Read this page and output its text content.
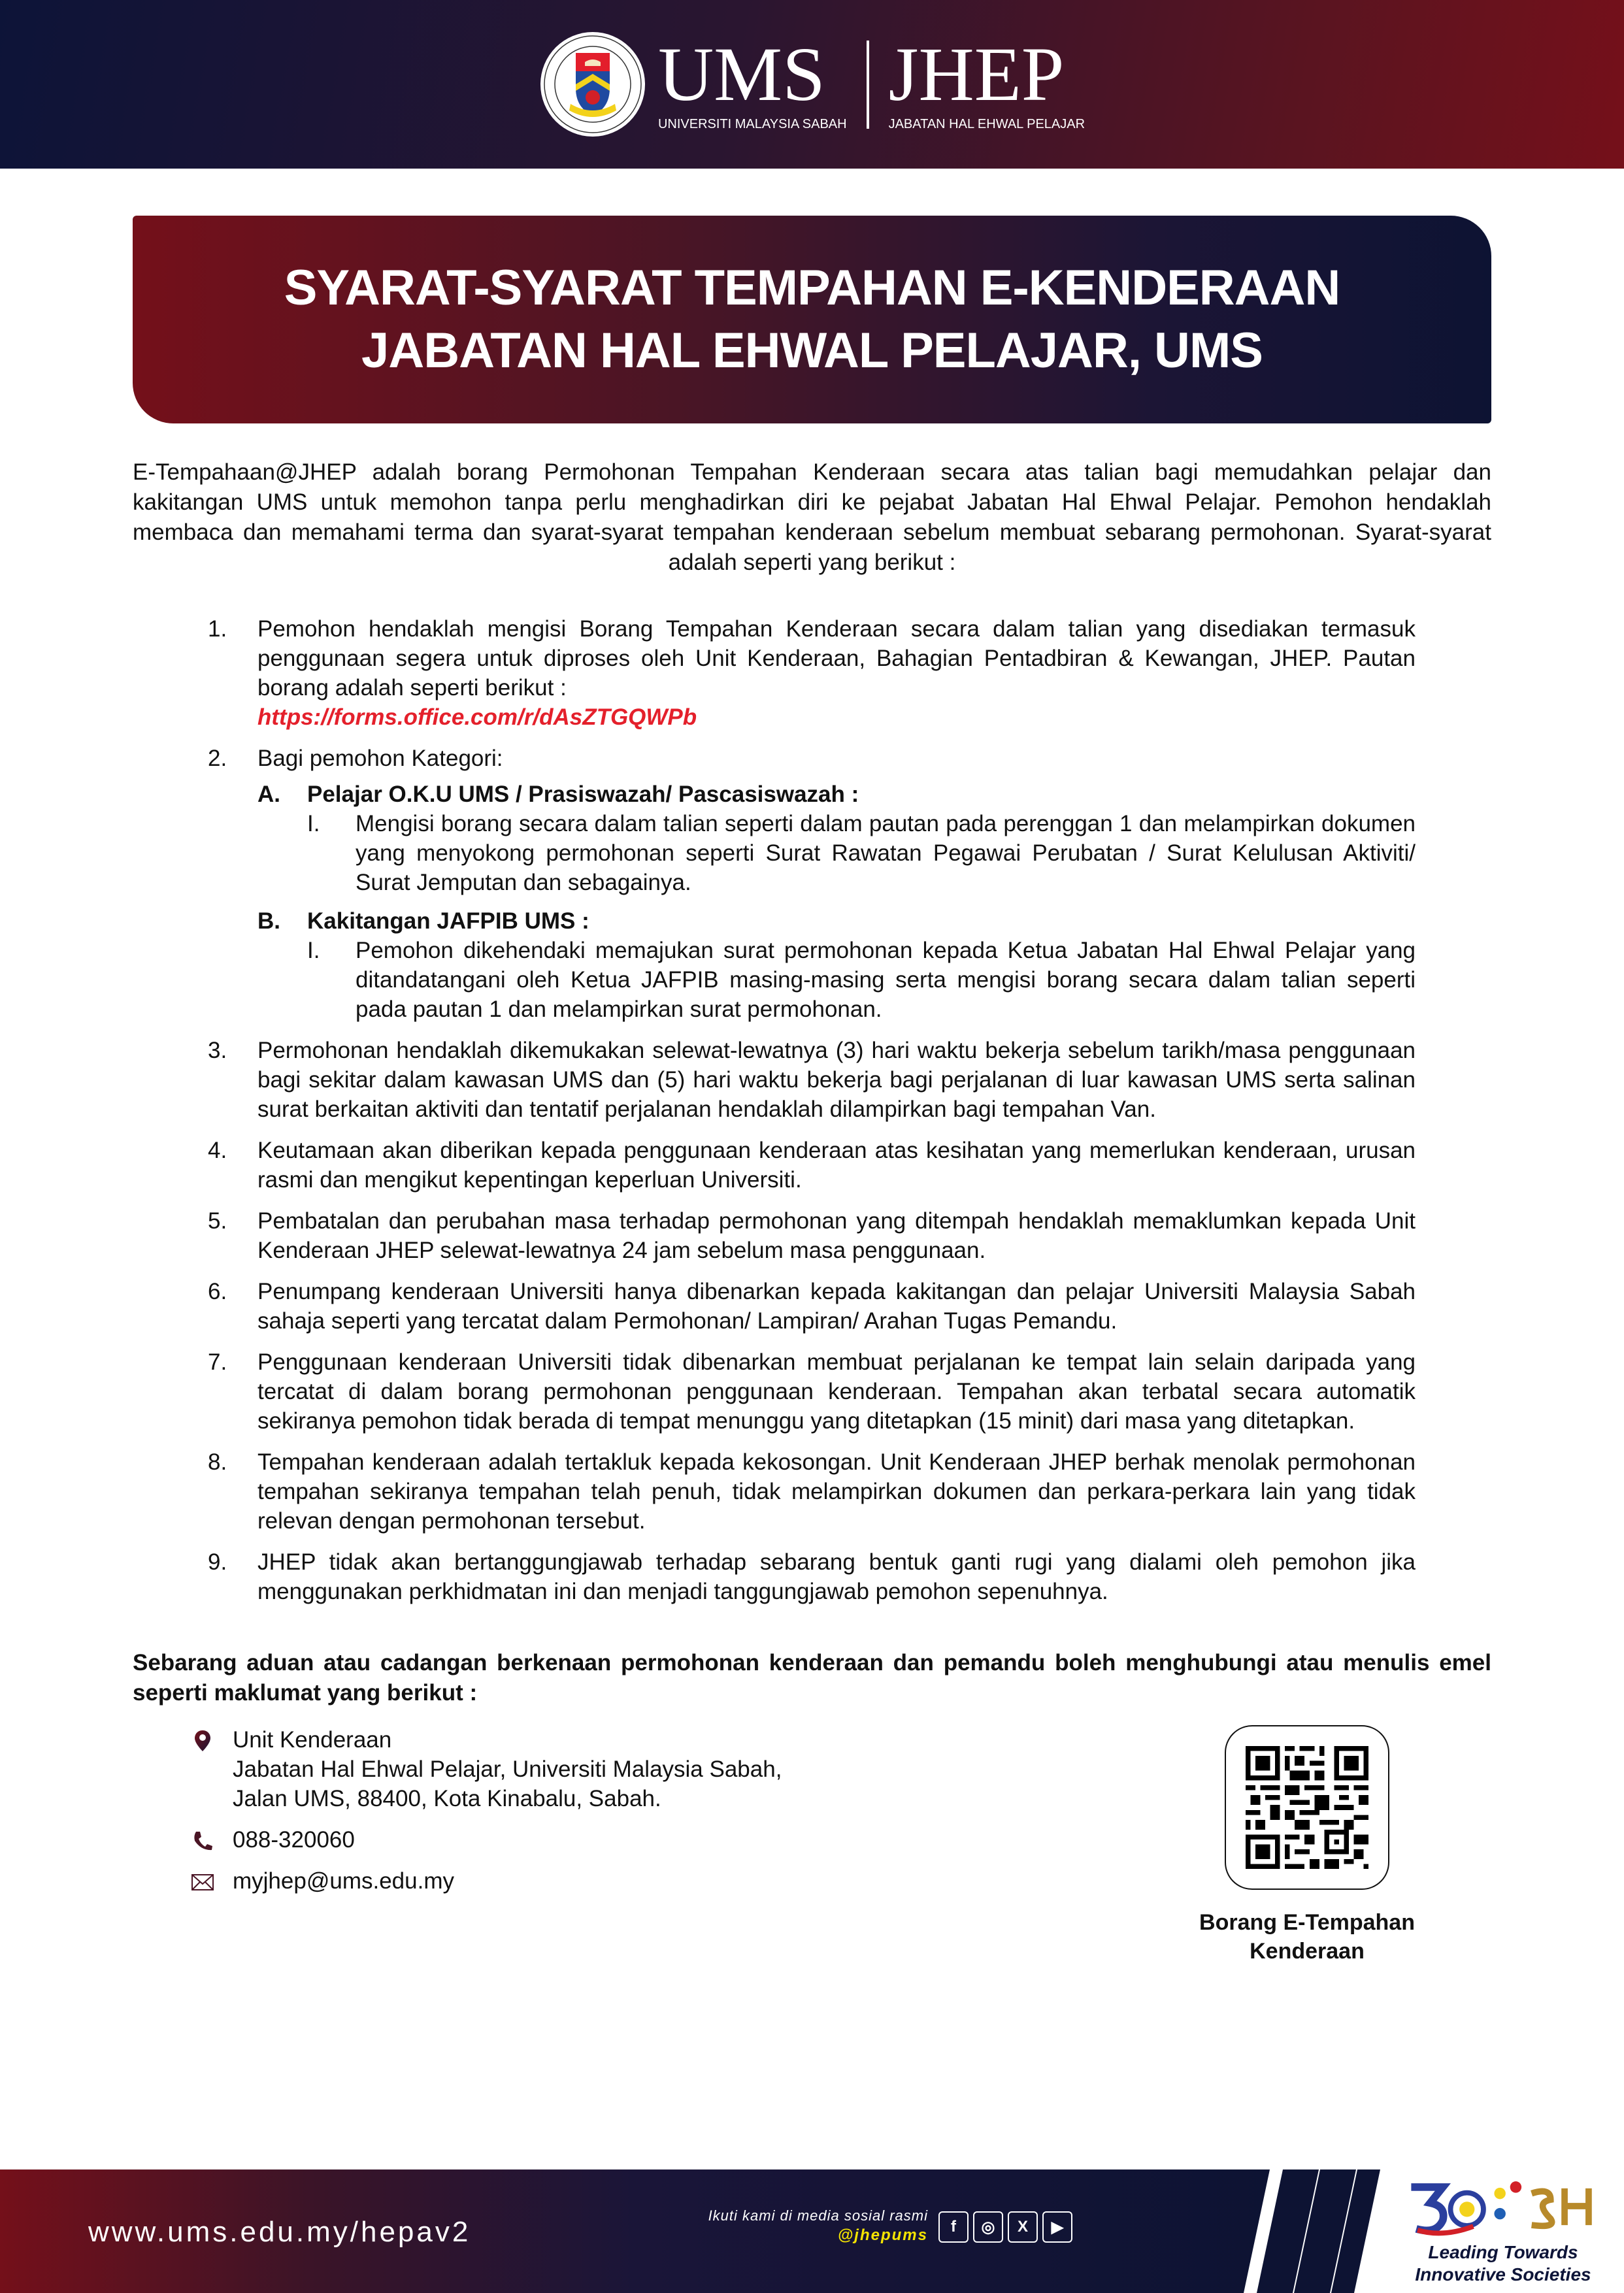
UMS
UNIVERSITI MALAYSIA SABAH
JHEP
JABATAN HAL EHWAL PELAJAR
SYARAT-SYARAT TEMPAHAN E-KENDERAAN
JABATAN HAL EHWAL PELAJAR, UMS
E-Tempahaan@JHEP adalah borang Permohonan Tempahan Kenderaan secara atas talian bagi memudahkan pelajar dan kakitangan UMS untuk memohon tanpa perlu menghadirkan diri ke pejabat Jabatan Hal Ehwal Pelajar. Pemohon hendaklah membaca dan memahami terma dan syarat-syarat tempahan kenderaan sebelum membuat sebarang permohonan. Syarat-syarat adalah seperti yang berikut :
1. Pemohon hendaklah mengisi Borang Tempahan Kenderaan secara dalam talian yang disediakan termasuk penggunaan segera untuk diproses oleh Unit Kenderaan, Bahagian Pentadbiran & Kewangan, JHEP. Pautan borang adalah seperti berikut :
https://forms.office.com/r/dAsZTGQWPb
2. Bagi pemohon Kategori:
A. Pelajar O.K.U UMS / Prasiswazah/ Pascasiswazah :
I. Mengisi borang secara dalam talian seperti dalam pautan pada perenggan 1 dan melampirkan dokumen yang menyokong permohonan seperti Surat Rawatan Pegawai Perubatan / Surat Kelulusan Aktiviti/ Surat Jemputan dan sebagainya.
B. Kakitangan JAFPIB UMS :
I. Pemohon dikehendaki memajukan surat permohonan kepada Ketua Jabatan Hal Ehwal Pelajar yang ditandatangani oleh Ketua JAFPIB masing-masing serta mengisi borang secara dalam talian seperti pada pautan 1 dan melampirkan surat permohonan.
3. Permohonan hendaklah dikemukakan selewat-lewatnya (3) hari waktu bekerja sebelum tarikh/masa penggunaan bagi sekitar dalam kawasan UMS dan (5) hari waktu bekerja bagi perjalanan di luar kawasan UMS serta salinan surat berkaitan aktiviti dan tentatif perjalanan hendaklah dilampirkan bagi tempahan Van.
4. Keutamaan akan diberikan kepada penggunaan kenderaan atas kesihatan yang memerlukan kenderaan, urusan rasmi dan mengikut kepentingan keperluan Universiti.
5. Pembatalan dan perubahan masa terhadap permohonan yang ditempah hendaklah memaklumkan kepada Unit Kenderaan JHEP selewat-lewatnya 24 jam sebelum masa penggunaan.
6. Penumpang kenderaan Universiti hanya dibenarkan kepada kakitangan dan pelajar Universiti Malaysia Sabah sahaja seperti yang tercatat dalam Permohonan/ Lampiran/ Arahan Tugas Pemandu.
7. Penggunaan kenderaan Universiti tidak dibenarkan membuat perjalanan ke tempat lain selain daripada yang tercatat di dalam borang permohonan penggunaan kenderaan. Tempahan akan terbatal secara automatik sekiranya pemohon tidak berada di tempat menunggu yang ditetapkan (15 minit) dari masa yang ditetapkan.
8. Tempahan kenderaan adalah tertakluk kepada kekosongan. Unit Kenderaan JHEP berhak menolak permohonan tempahan sekiranya tempahan telah penuh, tidak melampirkan dokumen dan perkara-perkara lain yang tidak relevan dengan permohonan tersebut.
9. JHEP tidak akan bertanggungjawab terhadap sebarang bentuk ganti rugi yang dialami oleh pemohon jika menggunakan perkhidmatan ini dan menjadi tanggungjawab pemohon sepenuhnya.
Sebarang aduan atau cadangan berkenaan permohonan kenderaan dan pemandu boleh menghubungi atau menulis emel seperti maklumat yang berikut :
Unit Kenderaan
Jabatan Hal Ehwal Pelajar, Universiti Malaysia Sabah,
Jalan UMS, 88400, Kota Kinabalu, Sabah.
088-320060
myjhep@ums.edu.my
Borang E-Tempahan
Kenderaan
www.ums.edu.my/hepav2
Ikuti kami di media sosial rasmi
@jhepums	f	◎	X	▶
Leading Towards
Innovative Societies
